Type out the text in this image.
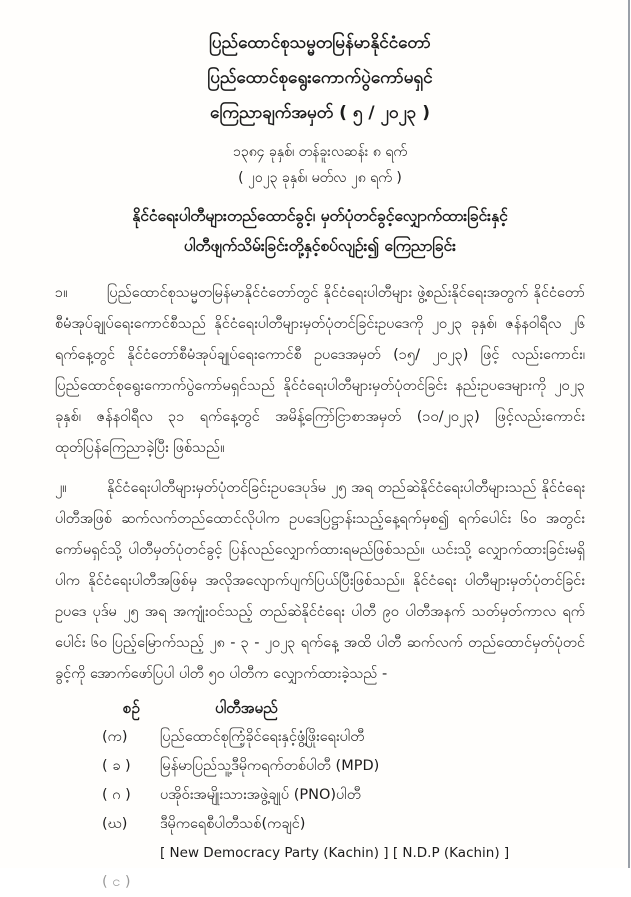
ပြည်ထောင်စုသမ္မတမြန်မာနိုင်ငံတော်
ပြည်ထောင်စုရွေးကောက်ပွဲကော်မရှင်
ကြေညာချက်အမှတ် ( ၅ / ၂၀၂၃ )
၁၃၈၄ ခုနှစ်၊ တန်ခူးလဆန်း ၈ ရက်
( ၂၀၂၃ ခုနှစ်၊ မတ်လ ၂၈ ရက် )
နိုင်ငံရေးပါတီများတည်ထောင်ခွင့်၊ မှတ်ပုံတင်ခွင့်လျှောက်ထားခြင်းနှင့်
ပါတီဖျက်သိမ်းခြင်းတို့နှင့်စပ်လျဉ်း၍ ကြေညာခြင်း
၁။	ပြည်ထောင်စုသမ္မတမြန်မာနိုင်ငံတော်တွင် နိုင်ငံရေးပါတီများ ဖွဲ့စည်းနိုင်ရေးအတွက် နိုင်ငံတော်စီမံအုပ်ချုပ်ရေးကောင်စီသည် နိုင်ငံရေးပါတီများမှတ်ပုံတင်ခြင်းဥပဒေကို ၂၀၂၃ ခုနှစ်၊ ဇန်နဝါရီလ ၂၆ ရက်နေ့တွင် နိုင်ငံတော်စီမံအုပ်ချုပ်ရေးကောင်စီ ဥပဒေအမှတ် (၁၅/ ၂၀၂၃) ဖြင့် လည်းကောင်း၊ ပြည်ထောင်စုရွေးကောက်ပွဲကော်မရှင်သည် နိုင်ငံရေးပါတီများမှတ်ပုံတင်ခြင်း နည်းဥပဒေများကို ၂၀၂၃ ခုနှစ်၊ ဇန်နဝါရီလ ၃၁ ရက်နေ့တွင် အမိန့်ကြော်ငြာစာအမှတ် (၁၀/၂၀၂၃) ဖြင့်လည်းကောင်း ထုတ်ပြန်ကြေညာခဲ့ပြီး ဖြစ်သည်။
၂။	နိုင်ငံရေးပါတီများမှတ်ပုံတင်ခြင်းဥပဒေပုဒ်မ ၂၅ အရ တည်ဆဲနိုင်ငံရေးပါတီများသည် နိုင်ငံရေးပါတီအဖြစ် ဆက်လက်တည်ထောင်လိုပါက ဥပဒေပြဋ္ဌာန်းသည့်နေ့ရက်မှစ၍ ရက်ပေါင်း ၆၀ အတွင်း ကော်မရှင်သို့ ပါတီမှတ်ပုံတင်ခွင့် ပြန်လည်လျှောက်ထားရမည်ဖြစ်သည်။ ယင်းသို့ လျှောက်ထားခြင်းမရှိပါက နိုင်ငံရေးပါတီအဖြစ်မှ အလိုအလျောက်ပျက်ပြယ်ပြီးဖြစ်သည်။ နိုင်ငံရေး ပါတီများမှတ်ပုံတင်ခြင်းဥပဒေ ပုဒ်မ ၂၅ အရ အကျုံးဝင်သည့် တည်ဆဲနိုင်ငံရေး ပါတီ ၉၀ ပါတီအနက် သတ်မှတ်ကာလ ရက်ပေါင်း ၆၀ ပြည့်မြောက်သည့် ၂၈ - ၃ - ၂၀၂၃ ရက်နေ့ အထိ ပါတီ ဆက်လက် တည်ထောင်မှတ်ပုံတင်ခွင့်ကို အောက်ဖော်ပြပါ ပါတီ ၅၀ ပါတီက လျှောက်ထားခဲ့သည် -
စဉ်	ပါတီအမည်
(က)	ပြည်ထောင်စုကြံ့ခိုင်ရေးနှင့်ဖွံ့ဖြိုးရေးပါတီ
( ခ )	မြန်မာပြည်သူ့ဒီမိုကရက်တစ်ပါတီ (MPD)
( ဂ )	ပအိုဝ်းအမျိုးသားအဖွဲ့ချုပ် (PNO)ပါတီ
(ဃ)	ဒီမိုကရေစီပါတီသစ်(ကချင်)
[ New Democracy Party (Kachin) ] [ N.D.P (Kachin) ]
( င )
